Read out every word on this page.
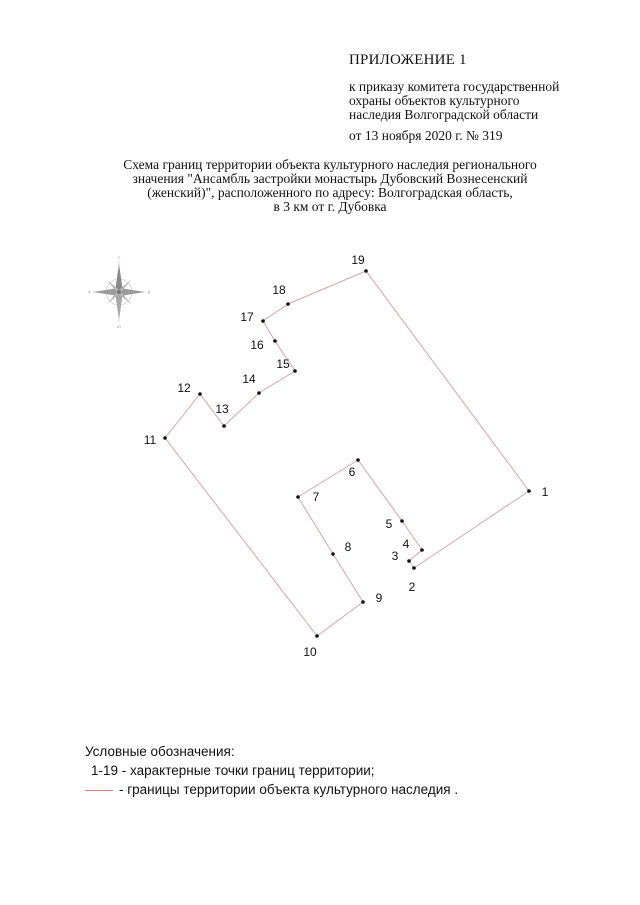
ПРИЛОЖЕНИЕ 1
к приказу комитета государственной
охраны объектов культурного
наследия Волгоградской области
от 13 ноября 2020 г. № 319
Схема границ территории объекта культурного наследия регионального
значения "Ансамбль застройки монастырь Дубовский Вознесенский
(женский)", расположенного по адресу: Волгоградская область,
в 3 км от г. Дубовка
С
В
Ю
З
1
2
3
4
5
6
7
8
9
10
11
12
13
14
15
16
17
18
19
Условные обозначения:
1-19 - характерные точки границ территории;
- границы территории объекта культурного наследия .
